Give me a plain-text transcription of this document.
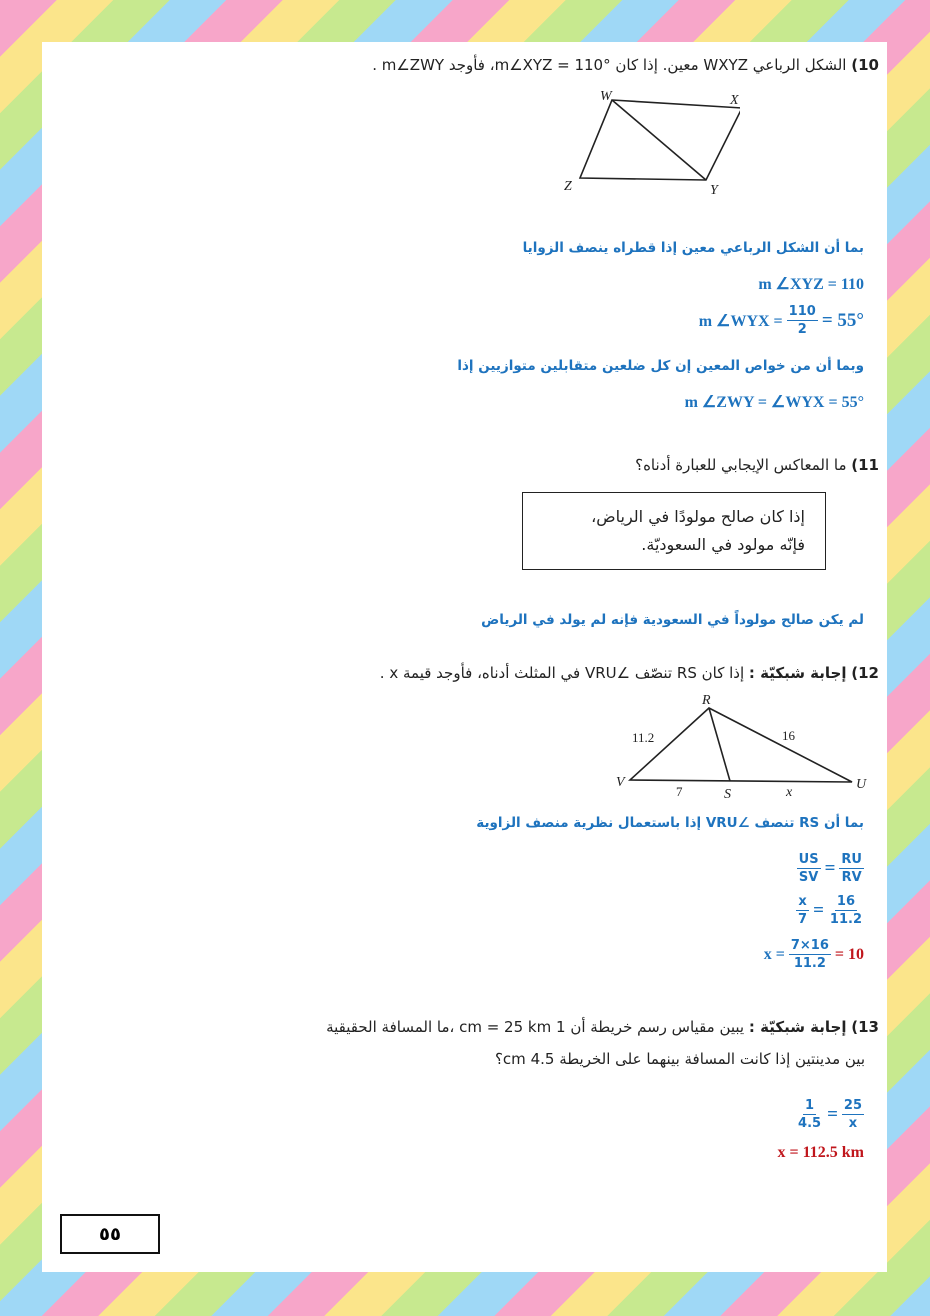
10) الشكل الرباعي WXYZ معين. إذا كان m∠XYZ = 110°، فأوجد m∠ZWY .
W	X
Y
Z
بما أن الشكل الرباعي معين إذا قطراه ينصف الزوايا
m ∠XYZ = 110
m ∠WYX = $\frac{110}{2} = 55^\circ$
وبما أن من خواص المعين إن كل ضلعين متقابلين متوازيين إذا
m ∠ZWY = ∠WYX = 55°
11) ما المعاكس الإيجابي للعبارة أدناه؟
إذا كان صالح مولودًا في الرياض،
فإنّه مولود في السعوديّة.
لم يكن صالح مولوداً في السعودية فإنه لم يولد في الرياض
12) إجابة شبكيّة : إذا كان RS تنصّف ∠VRU في المثلث أدناه، فأوجد قيمة x .
R
V
S
U
11.2	16
7	x
بما أن RS تنصف ∠VRU إذا باستعمال نظرية منصف الزاوية
$\frac{US}{SV} = \frac{RU}{RV}$
$\frac{x}{7} = \frac{16}{11.2}$
$x = \frac{7\times 16}{11.2} = 10$
13) إجابة شبكيّة : يبين مقياس رسم خريطة أن 1 cm = 25 km ،ما المسافة الحقيقية
بين مدينتين إذا كانت المسافة بينهما على الخريطة 4.5 cm؟
$\frac{1}{4.5} = \frac{25}{x}$
x = 112.5 km
٥٥
